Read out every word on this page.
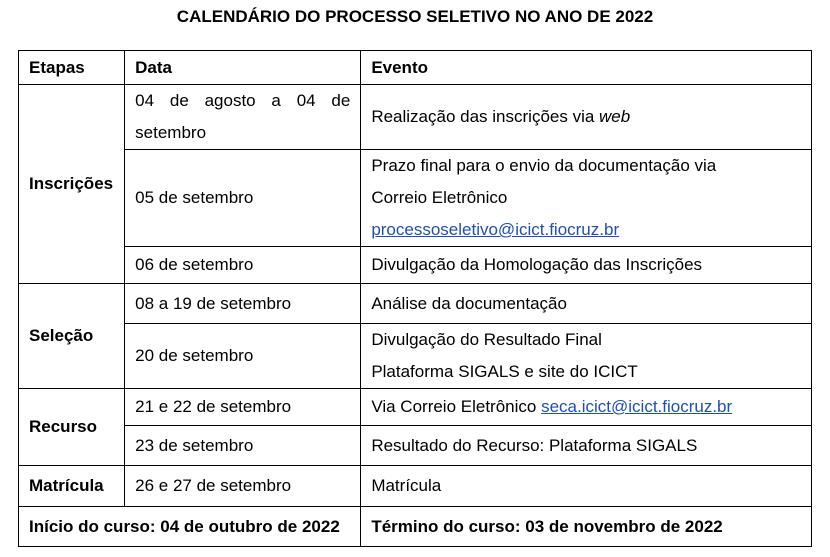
CALENDÁRIO DO PROCESSO SELETIVO NO ANO DE 2022
Etapas	Data	Evento
Inscrições	04 de agosto a 04 de setembro	Realização das inscrições via web
	05 de setembro	Prazo final para o envio da documentação via
Correio Eletrônico
processoseletivo@icict.fiocruz.br

	06 de setembro	Divulgação da Homologação das Inscrições
Seleção	08 a 19 de setembro	Análise da documentação
	20 de setembro	Divulgação do Resultado Final
Plataforma SIGALS e site do ICICT

Recurso	21 e 22 de setembro	Via Correio Eletrônico seca.icict@icict.fiocruz.br
	23 de setembro	Resultado do Recurso: Plataforma SIGALS
Matrícula	26 e 27 de setembro	Matrícula
Início do curso: 04 de outubro de 2022		Término do curso: 03 de novembro de 2022
